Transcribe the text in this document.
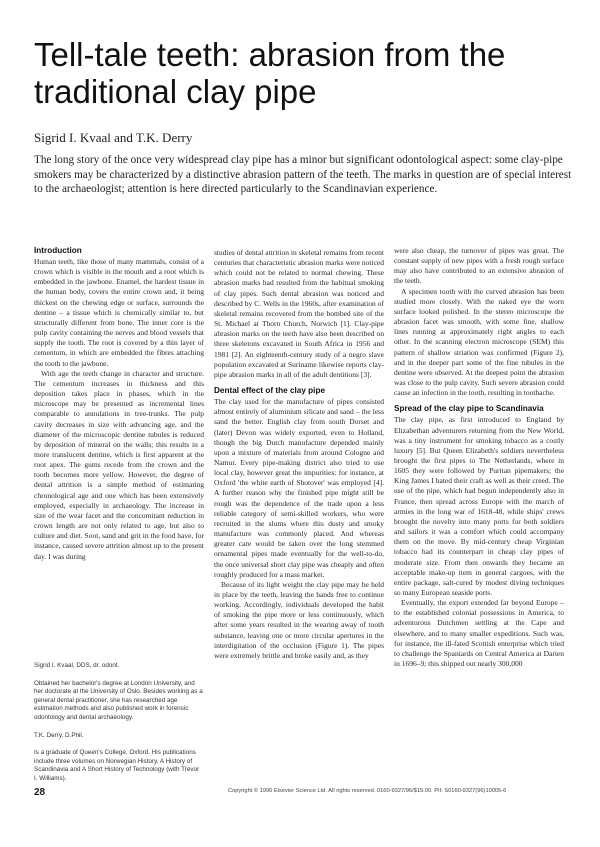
Tell-tale teeth: abrasion from the traditional clay pipe
Sigrid I. Kvaal and T.K. Derry
The long story of the once very widespread clay pipe has a minor but significant odontological aspect: some clay-pipe smokers may be characterized by a distinctive abrasion pattern of the teeth. The marks in question are of special interest to the archaeologist; attention is here directed particularly to the Scandinavian experience.
Introduction

Human teeth, like those of many mammals, consist of a crown which is visible in the mouth and a root which is embedded in the jawbone. Enamel, the hardest tissue in the human body, covers the entire crown and, it being thickest on the chewing edge or surface, surrounds the dentine – a tissue which is chemically similar to, but structurally different from bone. The inner core is the pulp cavity containing the nerves and blood vessels that supply the tooth. The root is covered by a thin layer of cementum, in which are embedded the fibres attaching the tooth to the jawbone.

With age the teeth change in character and structure. The cementum increases in thickness and this deposition takes place in phases, which in the microscope may be presented as incremental lines comparable to annulations in tree-trunks. The pulp cavity decreases in size with advancing age, and the diameter of the microscopic dentine tubules is reduced by deposition of mineral on the walls; this results in a more translucent dentine, which is first apparent at the root apex. The gums recede from the crown and the tooth becomes more yellow. However, the degree of dental attrition is a simple method of estimating chronological age and one which has been extensively employed, especially in archaeology. The increase in size of the wear facet and the concomitant reduction in crown length are not only related to age, but also to culture and diet. Soot, sand and grit in the food have, for instance, caused severe attrition almost up to the present day. I was during

Sigrid I. Kvaal, DDS, dr. odont.

Obtained her bachelor's degree at London University, and her doctorate at the University of Oslo. Besides working as a general dental practitioner, she has researched age estimation methods and also published work in forensic odontology and dental archaeology.

T.K. Derry, D.Phil.

Is a graduate of Queen's College, Oxford. His publications include three volumes on Norwegian History, A History of Scandinavia and A Short History of Technology (with Trevor I. Williams).

studies of dental attrition in skeletal remains from recent centuries that characteristic abrasion marks were noticed which could not be related to normal chewing. These abrasion marks had resulted from the habitual smoking of clay pipes. Such dental abrasion was noticed and described by C. Wells in the 1960s, after examination of skeletal remains recovered from the bombed site of the St. Michael at Thorn Church, Norwich [1]. Clay-pipe abrasion marks on the teeth have also been described on three skeletons excavated in South Africa in 1956 and 1981 [2]. An eighteenth-century study of a negro slave population excavated at Suriname likewise reports clay-pipe abrasion marks in all of the adult dentitions [3].

Dental effect of the clay pipe

The clay used for the manufacture of pipes consisted almost entirely of aluminium silicate and sand – the less sand the better. English clay from south Dorset and (later) Devon was widely exported, even to Holland, though the big Dutch manufacture depended mainly upon a mixture of materials from around Cologne and Namur. Every pipe-making district also tried to use local clay, however great the impurities: for instance, at Oxford 'the white earth of Shotover' was employed [4]. A further reason why the finished pipe might still be rough was the dependence of the trade upon a less reliable category of semi-skilled workers, who were recruited in the slums where this dusty and smoky manufacture was commonly placed. And whereas greater care would be taken over the long stemmed ornamental pipes made eventually for the well-to-do, the once universal short clay pipe was cheaply and often roughly produced for a mass market.

Because of its light weight the clay pipe may be held in place by the teeth, leaving the hands free to continue working. Accordingly, individuals developed the habit of smoking the pipe more or less continuously, which after some years resulted in the wearing away of tooth substance, leaving one or more circular apertures in the interdigitation of the occlusion (Figure 1). The pipes were extremely brittle and broke easily and, as they

were also cheap, the turnover of pipes was great. The constant supply of new pipes with a fresh rough surface may also have contributed to an extensive abrasion of the teeth.

A specimen tooth with the curved abrasion has been studied more closely. With the naked eye the worn surface looked polished. In the stereo microscope the abrasion facet was smooth, with some fine, shallow lines running at approximately right angles to each other. In the scanning electron microscope (SEM) this pattern of shallow striation was confirmed (Figure 2), and in the deeper part some of the fine tubules in the dentine were observed. At the deepest point the abrasion was close to the pulp cavity. Such severe abrasion could cause an infection in the tooth, resulting in toothache.

Spread of the clay pipe to Scandinavia

The clay pipe, as first introduced to England by Elizabethan adventurers returning from the New World, was a tiny instrument for smoking tobacco as a costly luxury [5]. But Queen Elizabeth's soldiers nevertheless brought the first pipes to The Netherlands, where in 1605 they were followed by Puritan pipemakers; the King James I hated their craft as well as their creed. The use of the pipe, which had begun independently also in France, then spread across Europe with the march of armies in the long war of 1618-48, while ships' crews brought the novelty into many ports for both soldiers and sailors it was a comfort which could accompany them on the move. By mid-century cheap Virginian tobacco had its counterpart in cheap clay pipes of moderate size. From then onwards they became an acceptable make-up item in general cargoes, with the entire package, salt-cured by modest diving techniques so many European seaside ports.

Eventually, the export extended far beyond Europe – to the established colonial possessions in America, to adventurous Dutchmen settling at the Cape and elsewhere, and to many smaller expeditions. Such was, for instance, the ill-fated Scottish enterprise which tried to challenge the Spaniards on Central America at Darien in 1696–9; this shipped out nearly 300,000

28	Copyright © 1996 Elsevier Science Ltd. All rights reserved. 0160-9327/96/$15.00. PII: S0160-9327(96)10005-6
